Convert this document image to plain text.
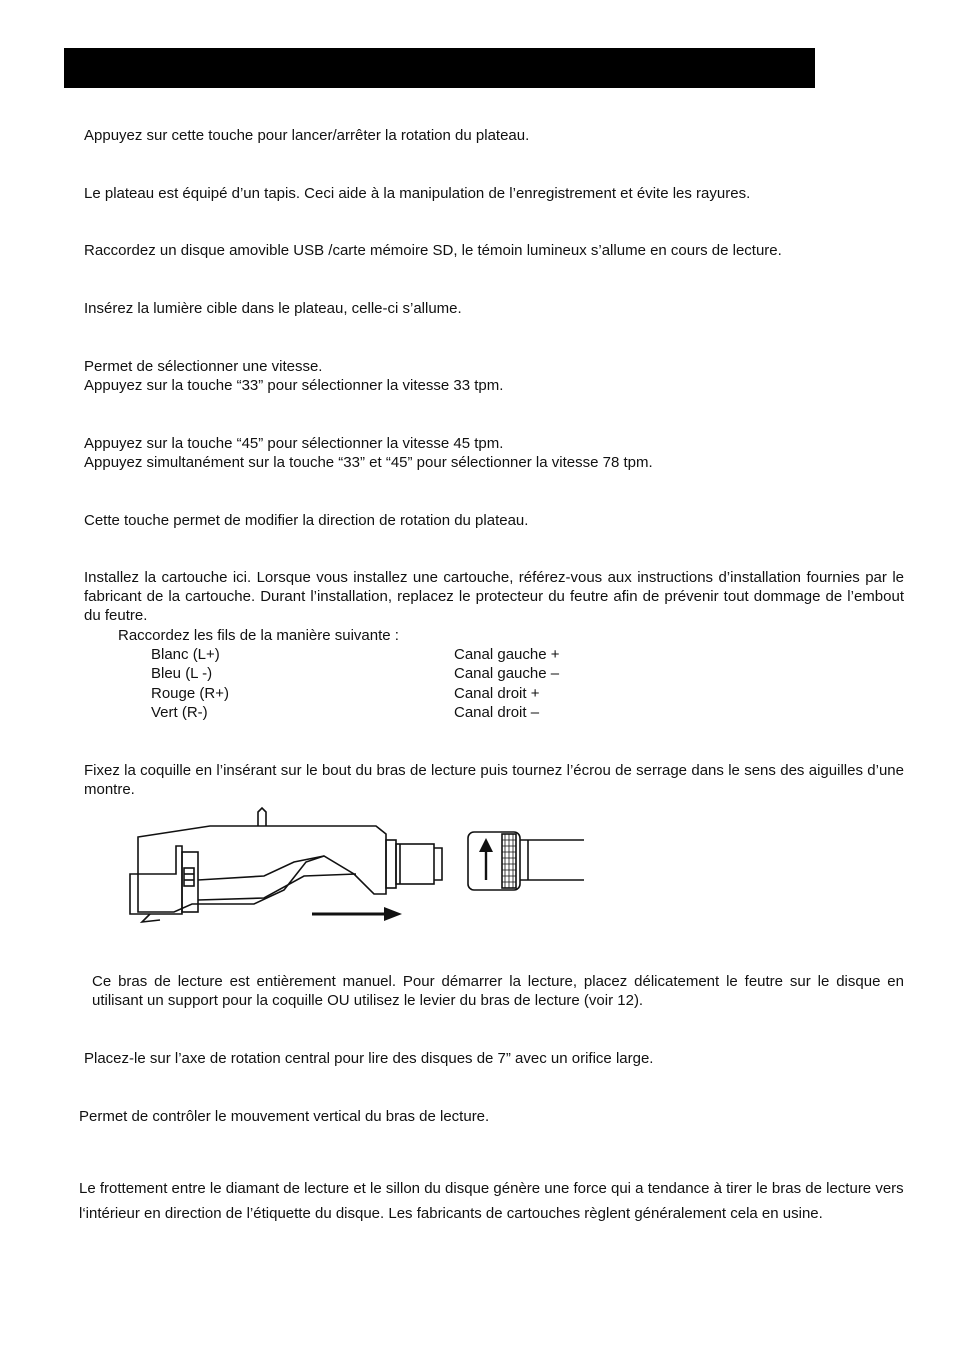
Appuyez sur cette touche pour lancer/arrêter la rotation du plateau.

Le plateau est équipé d’un tapis. Ceci aide à la manipulation de l’enregistrement et évite les rayures.

Raccordez un disque amovible USB /carte mémoire SD, le témoin lumineux s’allume en cours de lecture.

Insérez la lumière cible dans le plateau, celle-ci s’allume.

Permet de sélectionner une vitesse.
Appuyez sur la touche “33” pour sélectionner la vitesse 33 tpm.
Appuyez sur la touche “45” pour sélectionner la vitesse 45 tpm.
Appuyez simultanément sur la touche “33” et “45” pour sélectionner la vitesse 78 tpm.

Cette touche permet de modifier la direction de rotation du plateau.

Installez la cartouche ici. Lorsque vous installez une cartouche, référez-vous aux instructions d’installation fournies par le fabricant de la cartouche. Durant l’installation, replacez le protecteur du feutre afin de prévenir tout dommage de l’embout du feutre.

Raccordez les fils de la manière suivante :
Blanc (L+)	Canal gauche +
Bleu (L -)	Canal gauche –
Rouge (R+)	Canal droit +
Vert (R-)	Canal droit –

Fixez la coquille en l’insérant sur le bout du bras de lecture puis tournez l’écrou de serrage dans le sens des aiguilles d’une montre.

Ce bras de lecture est entièrement manuel. Pour démarrer la lecture, placez délicatement le feutre sur le disque en utilisant un support pour la coquille OU utilisez le levier du bras de lecture (voir 12).

Placez-le sur l’axe de rotation central pour lire des disques de 7” avec un orifice large.

Permet de contrôler le mouvement vertical du bras de lecture.

Le frottement entre le diamant de lecture et le sillon du disque génère une force qui a tendance à tirer le bras de lecture vers l‘intérieur en direction de l’étiquette du disque. Les fabricants de cartouches règlent généralement cela en usine.
